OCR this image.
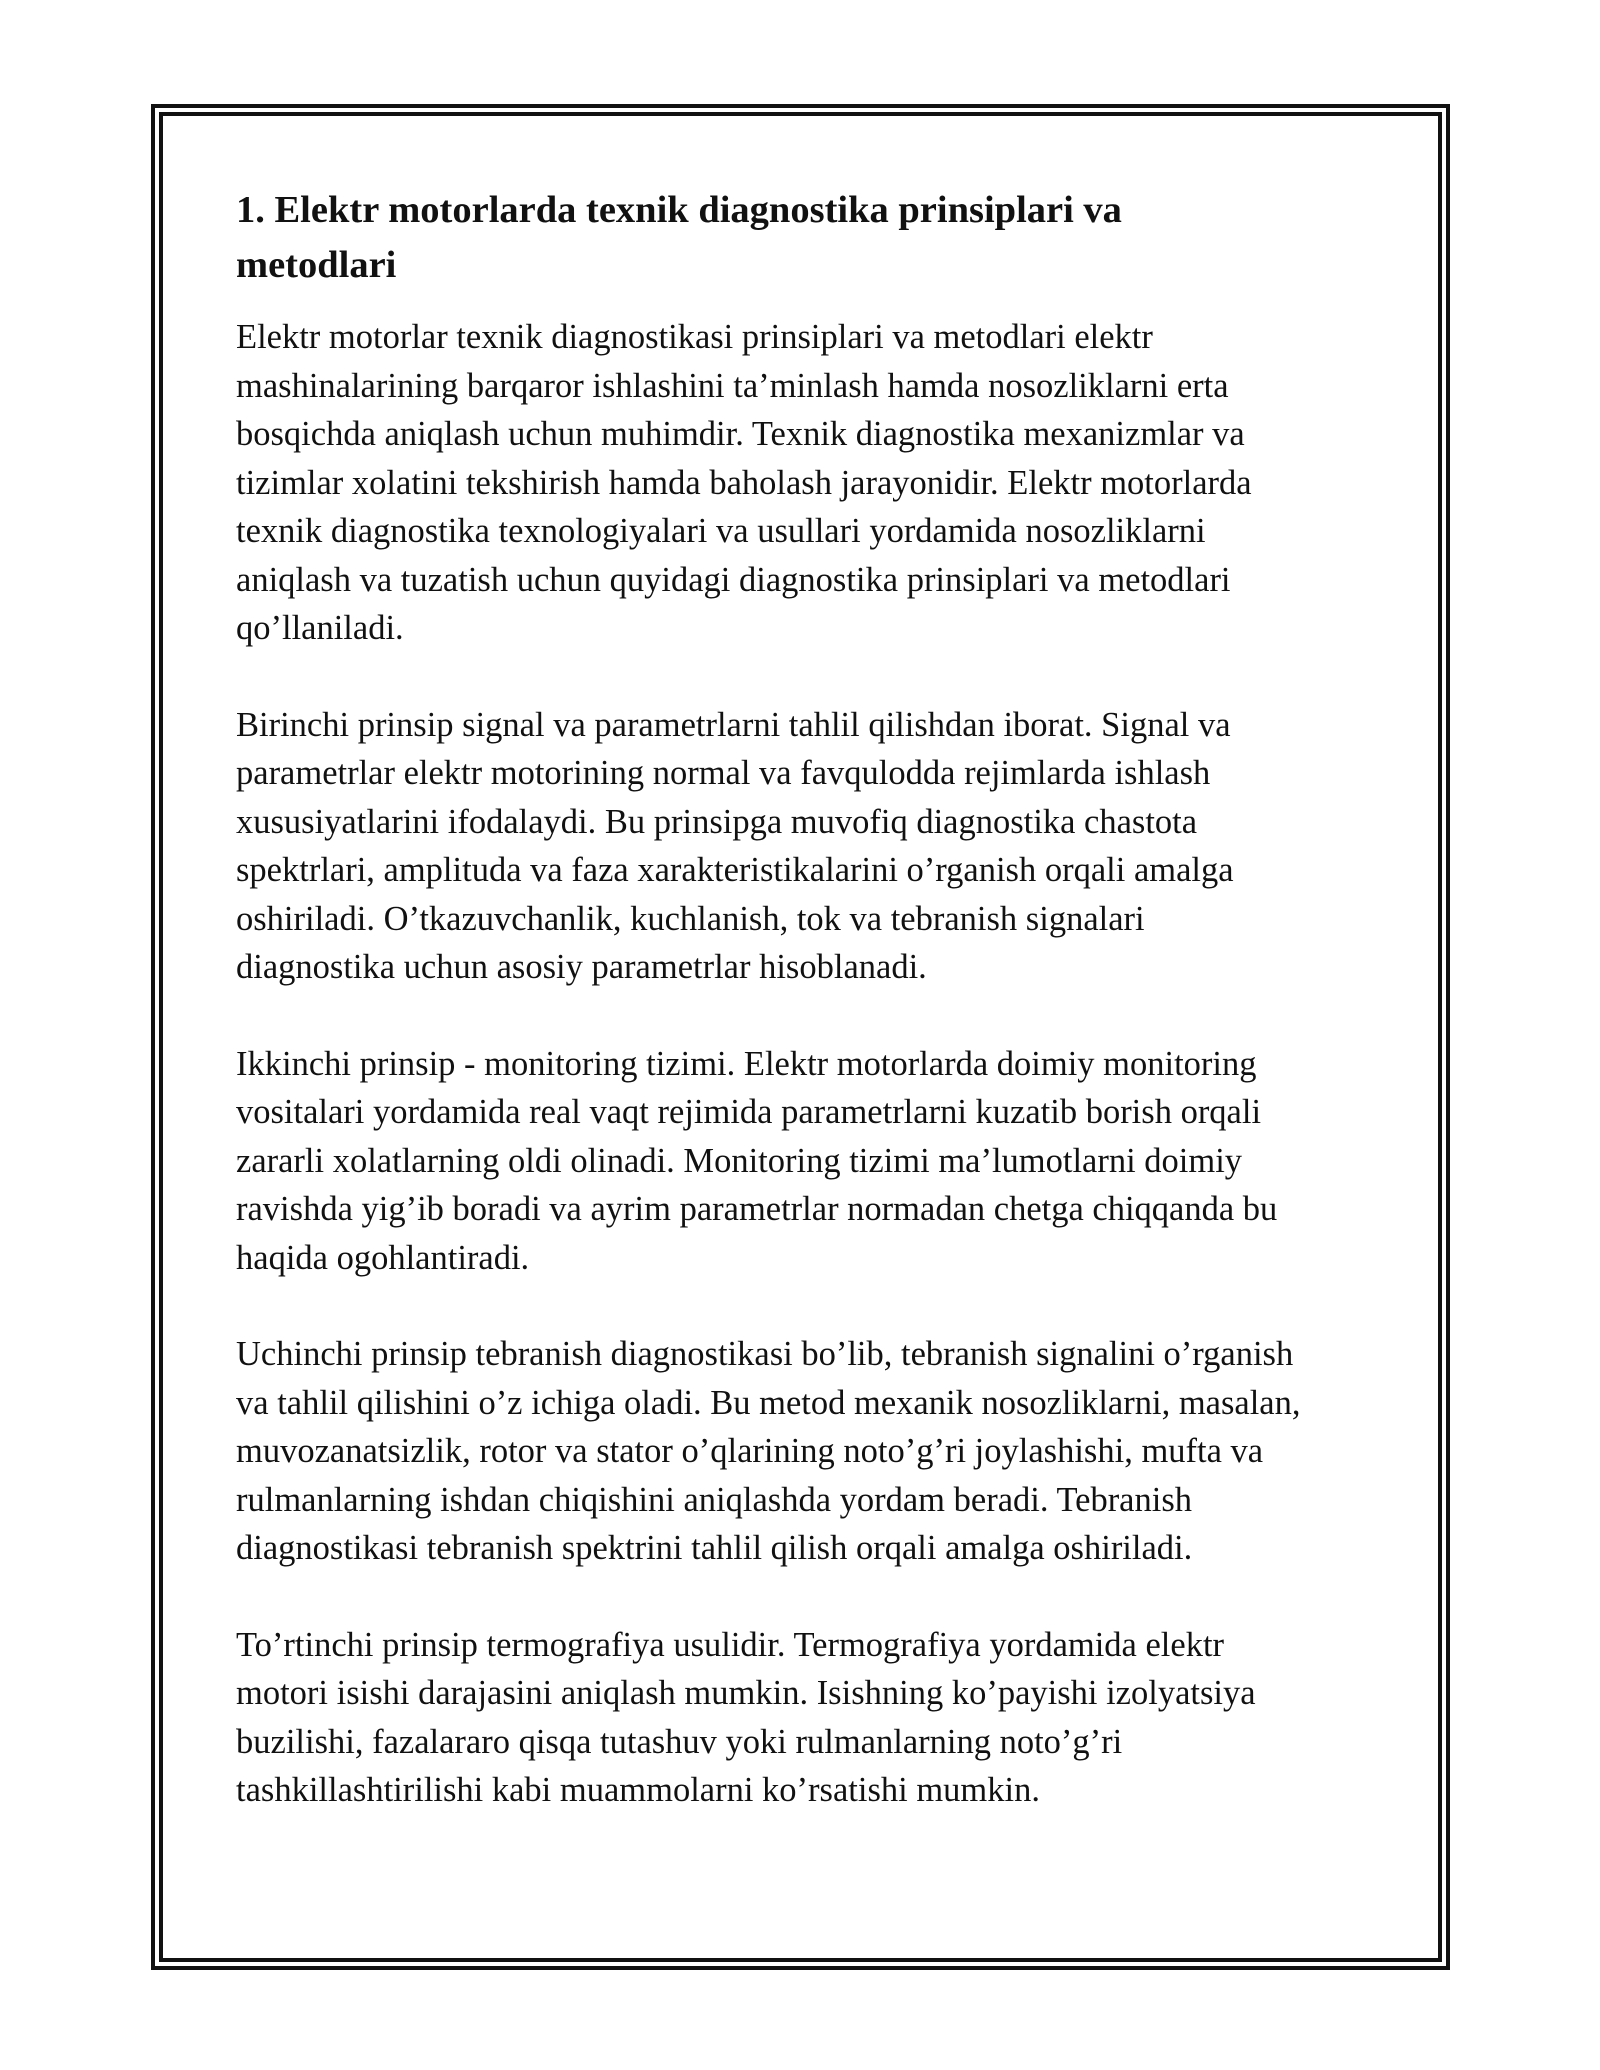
1. Elektr motorlarda texnik diagnostika prinsiplari va
metodlari

Elektr motorlar texnik diagnostikasi prinsiplari va metodlari elektr
mashinalarining barqaror ishlashini ta’minlash hamda nosozliklarni erta
bosqichda aniqlash uchun muhimdir. Texnik diagnostika mexanizmlar va
tizimlar xolatini tekshirish hamda baholash jarayonidir. Elektr motorlarda
texnik diagnostika texnologiyalari va usullari yordamida nosozliklarni
aniqlash va tuzatish uchun quyidagi diagnostika prinsiplari va metodlari
qo’llaniladi.

Birinchi prinsip signal va parametrlarni tahlil qilishdan iborat. Signal va
parametrlar elektr motorining normal va favqulodda rejimlarda ishlash
xususiyatlarini ifodalaydi. Bu prinsipga muvofiq diagnostika chastota
spektrlari, amplituda va faza xarakteristikalarini o’rganish orqali amalga
oshiriladi. O’tkazuvchanlik, kuchlanish, tok va tebranish signalari
diagnostika uchun asosiy parametrlar hisoblanadi.

Ikkinchi prinsip - monitoring tizimi. Elektr motorlarda doimiy monitoring
vositalari yordamida real vaqt rejimida parametrlarni kuzatib borish orqali
zararli xolatlarning oldi olinadi. Monitoring tizimi ma’lumotlarni doimiy
ravishda yig’ib boradi va ayrim parametrlar normadan chetga chiqqanda bu
haqida ogohlantiradi.

Uchinchi prinsip tebranish diagnostikasi bo’lib, tebranish signalini o’rganish
va tahlil qilishini o’z ichiga oladi. Bu metod mexanik nosozliklarni, masalan,
muvozanatsizlik, rotor va stator o’qlarining noto’g’ri joylashishi, mufta va
rulmanlarning ishdan chiqishini aniqlashda yordam beradi. Tebranish
diagnostikasi tebranish spektrini tahlil qilish orqali amalga oshiriladi.

To’rtinchi prinsip termografiya usulidir. Termografiya yordamida elektr
motori isishi darajasini aniqlash mumkin. Isishning ko’payishi izolyatsiya
buzilishi, fazalararo qisqa tutashuv yoki rulmanlarning noto’g’ri
tashkillashtirilishi kabi muammolarni ko’rsatishi mumkin.
